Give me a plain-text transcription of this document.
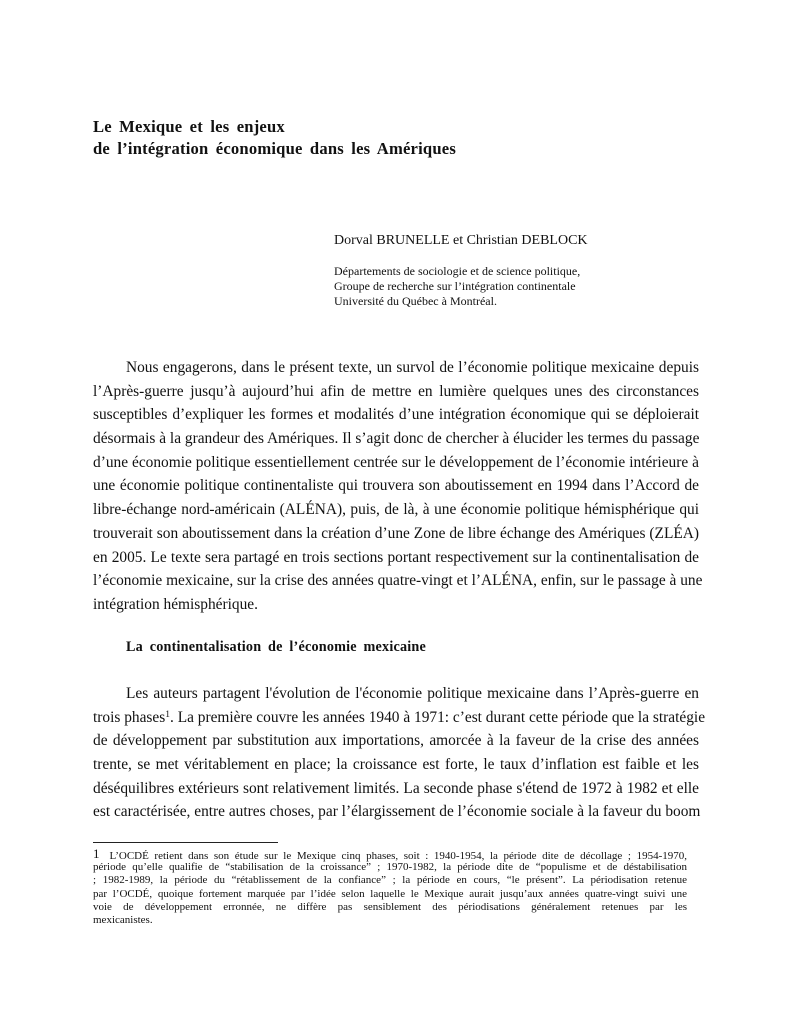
Le Mexique et les enjeux
de l’intégration économique dans les Amériques
Dorval BRUNELLE et Christian DEBLOCK
Départements de sociologie et de science politique,
Groupe de recherche sur l’intégration continentale
Université du Québec à Montréal.
Nous engagerons, dans le présent texte, un survol de l’économie politique mexicaine depuis
l’Après-guerre jusqu’à aujourd’hui afin de mettre en lumière quelques unes des circonstances
susceptibles d’expliquer les formes et modalités d’une intégration économique qui se déploierait
désormais à la grandeur des Amériques. Il s’agit donc de chercher à élucider les termes du passage
d’une économie politique essentiellement centrée sur le développement de l’économie intérieure à
une économie politique continentaliste qui trouvera son aboutissement en 1994 dans l’Accord de
libre-échange nord-américain (ALÉNA), puis, de là, à une économie politique hémisphérique qui
trouverait son aboutissement dans la création d’une Zone de libre échange des Amériques (ZLÉA)
en 2005. Le texte sera partagé en trois sections portant respectivement sur la continentalisation de
l’économie mexicaine, sur la crise des années quatre-vingt et l’ALÉNA, enfin, sur le passage à une
intégration hémisphérique.
La continentalisation de l’économie mexicaine
Les auteurs partagent l'évolution de l'économie politique mexicaine dans l’Après-guerre en
trois phases$^1$. La première couvre les années 1940 à 1971: c’est durant cette période que la stratégie
de développement par substitution aux importations, amorcée à la faveur de la crise des années
trente, se met véritablement en place; la croissance est forte, le taux d’inflation est faible et les
déséquilibres extérieurs sont relativement limités. La seconde phase s'étend de 1972 à 1982 et elle
est caractérisée, entre autres choses, par l’élargissement de l’économie sociale à la faveur du boom
1 L’OCDÉ retient dans son étude sur le Mexique cinq phases, soit : 1940-1954, la période dite de décollage ; 1954-1970,
période qu’elle qualifie de “stabilisation de la croissance” ; 1970-1982, la période dite de “populisme et de déstabilisation
; 1982-1989, la période du “rétablissement de la confiance” ; la période en cours, “le présent”. La périodisation retenue
par l’OCDÉ, quoique fortement marquée par l’idée selon laquelle le Mexique aurait jusqu’aux années quatre-vingt suivi une
voie de développement erronnée, ne diffère pas sensiblement des périodisations généralement retenues par les
mexicanistes.
